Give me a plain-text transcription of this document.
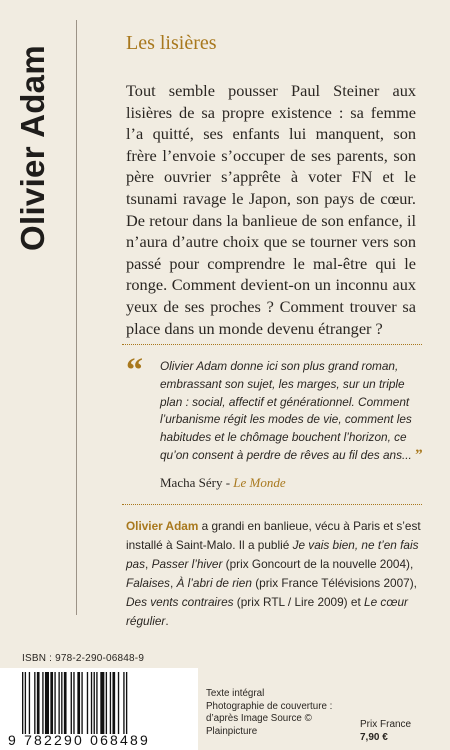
Olivier Adam
Les lisières
Tout semble pousser Paul Steiner aux lisières de sa propre existence : sa femme l’a quitté, ses enfants lui manquent, son frère l’envoie s’occuper de ses parents, son père ouvrier s’apprête à voter FN et le tsunami ravage le Japon, son pays de cœur. De retour dans la banlieue de son enfance, il n’aura d’autre choix que se tourner vers son passé pour comprendre le mal-être qui le ronge. Comment devient-on un inconnu aux yeux de ses proches ? Comment trouver sa place dans un monde devenu étranger ?
“ Olivier Adam donne ici son plus grand roman, embrassant son sujet, les marges, sur un triple plan : social, affectif et générationnel. Comment l’urbanisme régit les modes de vie, comment les habitudes et le chômage bouchent l’horizon, ce qu’on consent à perdre de rêves au fil des ans... ”
Macha Séry - Le Monde
Olivier Adam a grandi en banlieue, vécu à Paris et s’est installé à Saint-Malo. Il a publié Je vais bien, ne t’en fais pas, Passer l’hiver (prix Goncourt de la nouvelle 2004), Falaises, À l’abri de rien (prix France Télévisions 2007), Des vents contraires (prix RTL / Lire 2009) et Le cœur régulier.
ISBN : 978-2-290-06848-9
9 782290 068489
Texte intégral
Photographie de couverture :
d’après Image Source © Plainpicture
Prix France
7,90 €
